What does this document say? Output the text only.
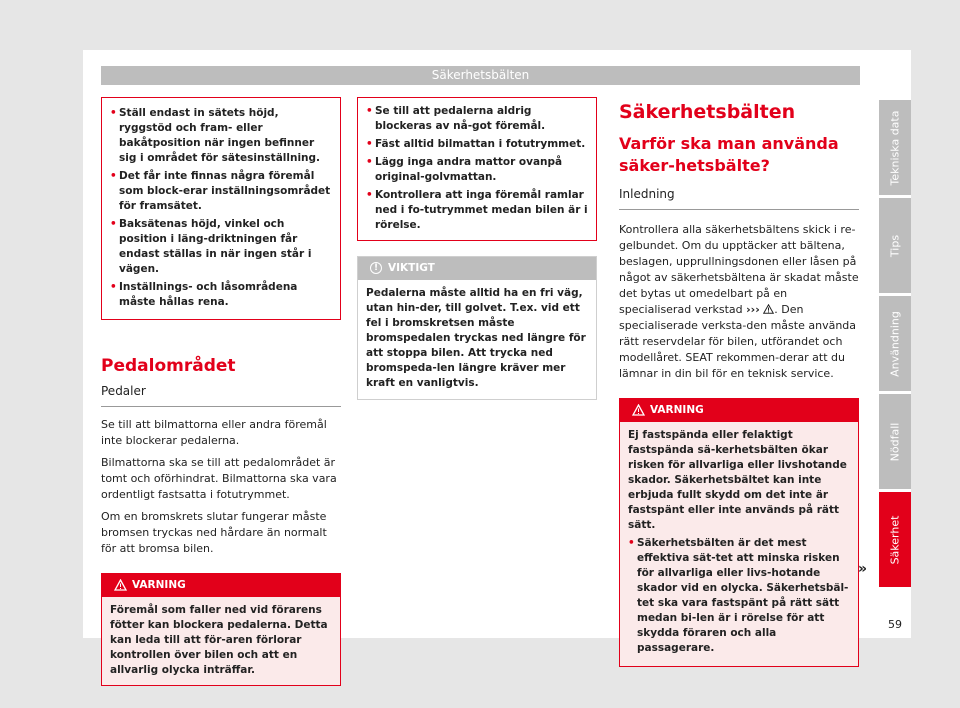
Säkerhetsbälten
• Ställ endast in sätets höjd, ryggstöd och fram- eller bakåtposition när ingen befinner sig i området för sätesinställning.
• Det får inte finnas några föremål som block-erar inställningsområdet för framsätet.
• Baksätenas höjd, vinkel och position i läng-driktningen får endast ställas in när ingen står i vägen.
• Inställnings- och låsområdena måste hållas rena.
Pedalområdet
Pedaler

Se till att bilmattorna eller andra föremål inte blockerar pedalerna.

Bilmattorna ska se till att pedalområdet är tomt och oförhindrat. Bilmattorna ska vara ordentligt fastsatta i fotutrymmet.

Om en bromskrets slutar fungerar måste bromsen tryckas ned hårdare än normalt för att bromsa bilen.

VARNING
Föremål som faller ned vid förarens fötter kan blockera pedalerna. Detta kan leda till att för-aren förlorar kontrollen över bilen och att en allvarlig olycka inträffar.
• Se till att pedalerna aldrig blockeras av nå-got föremål.
• Fäst alltid bilmattan i fotutrymmet.
• Lägg inga andra mattor ovanpå original-golvmattan.
• Kontrollera att inga föremål ramlar ned i fo-tutrymmet medan bilen är i rörelse.
! VIKTIGT
Pedalerna måste alltid ha en fri väg, utan hin-der, till golvet. T.ex. vid ett fel i bromskretsen måste bromspedalen tryckas ned längre för att stoppa bilen. Att trycka ned bromspeda-len längre kräver mer kraft en vanligtvis.
Säkerhetsbälten
Varför ska man använda säker-hetsbälte?
Inledning

Kontrollera alla säkerhetsbältens skick i re-gelbundet. Om du upptäcker att bältena, beslagen, upprullningsdonen eller låsen på något av säkerhetsbältena är skadat måste det bytas ut omedelbart på en specialiserad verkstad ››› . Den specialiserade verksta-den måste använda rätt reservdelar för bilen, utförandet och modellåret. SEAT rekommen-derar att du lämnar in din bil för en teknisk service.

VARNING
Ej fastspända eller felaktigt fastspända sä-kerhetsbälten ökar risken för allvarliga eller livshotande skador. Säkerhetsbältet kan inte erbjuda fullt skydd om det inte är fastspänt eller inte används på rätt sätt.
• Säkerhetsbälten är det mest effektiva sät-tet att minska risken för allvarliga eller livs-hotande skador vid en olycka. Säkerhetsbäl-tet ska vara fastspänt på rätt sätt medan bi-len är i rörelse för att skydda föraren och alla passagerare.
»
Tekniska data
Tips
Användning
Nödfall
Säkerhet
59
